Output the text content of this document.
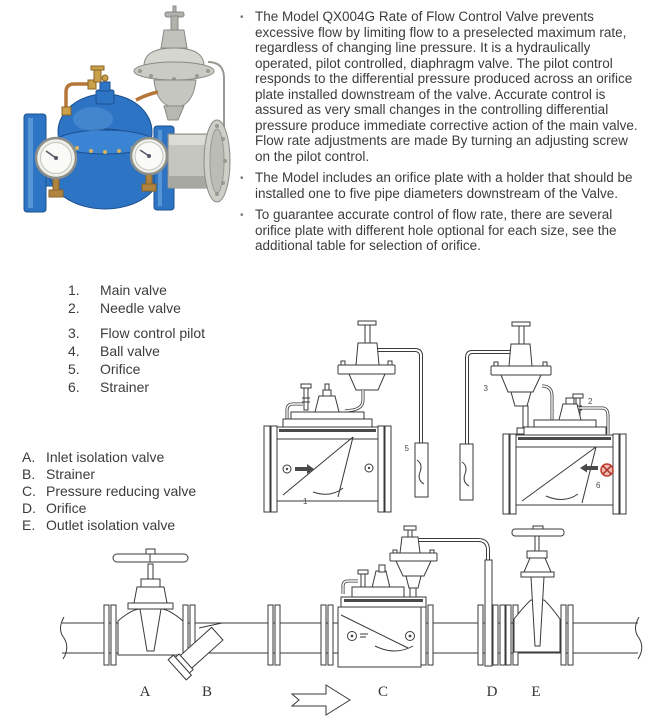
• The Model QX004G Rate of Flow Control Valve prevents excessive flow by limiting flow to a preselected maximum rate, regardless of changing line pressure. It is a hydraulically operated, pilot controlled, diaphragm valve. The pilot control responds to the differential pressure produced across an orifice plate installed downstream of the valve. Accurate control is assured as very small changes in the controlling differential pressure produce immediate corrective action of the main valve. Flow rate adjustments are made By turning an adjusting screw on the pilot control.

• The Model includes an orifice plate with a holder that should be installed one to five pipe diameters downstream of the Valve.

• To guarantee accurate control of flow rate, there are several orifice plate with different hole optional for each size, see the additional table for selection of orifice.

1.	Main valve
2.	Needle valve
3.	Flow control pilot
4.	Ball valve
5.	Orifice
6.	Strainer
A. Inlet isolation valve
B. Strainer
C. Pressure reducing valve
D. Orifice
E. Outlet isolation valve
5
1
3
2
6
A	B	C	D E
